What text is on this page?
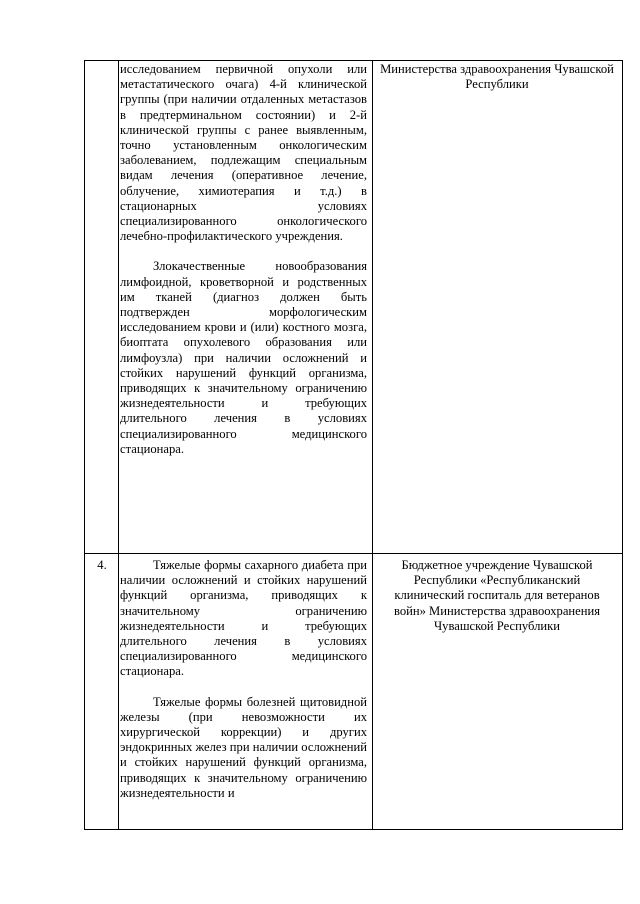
исследованием первичной опухоли или метастатического очага) 4-й клинической группы (при наличии отдаленных метастазов в предтерминальном состоянии) и 2-й клинической группы с ранее выявленным, точно установленным онкологическим заболеванием, подлежащим специальным видам лечения (оперативное лечение, облучение, химиотерапия и т.д.) в стационарных условиях специализированного онкологического лечебно-профилактического учреждения.

Злокачественные новообразования лимфоидной, кроветворной и родственных им тканей (диагноз должен быть подтвержден морфологическим исследованием крови и (или) костного мозга, биоптата опухолевого образования или лимфоузла) при наличии осложнений и стойких нарушений функций организма, приводящих к значительному ограничению жизнедеятельности и требующих длительного лечения в условиях специализированного медицинского стационара.

Министерства здравоохранения Чувашской Республики
4.	Тяжелые формы сахарного диабета при наличии осложнений и стойких нарушений функций организма, приводящих к значительному ограничению жизнедеятельности и требующих длительного лечения в условиях специализированного медицинского стационара.

Тяжелые формы болезней щитовидной железы (при невозможности их хирургической коррекции) и других эндокринных желез при наличии осложнений и стойких нарушений функций организма, приводящих к значительному ограничению жизнедеятельности и

Бюджетное учреждение Чувашской Республики «Республиканский клинический госпиталь для ветеранов войн» Министерства здравоохранения Чувашской Республики
